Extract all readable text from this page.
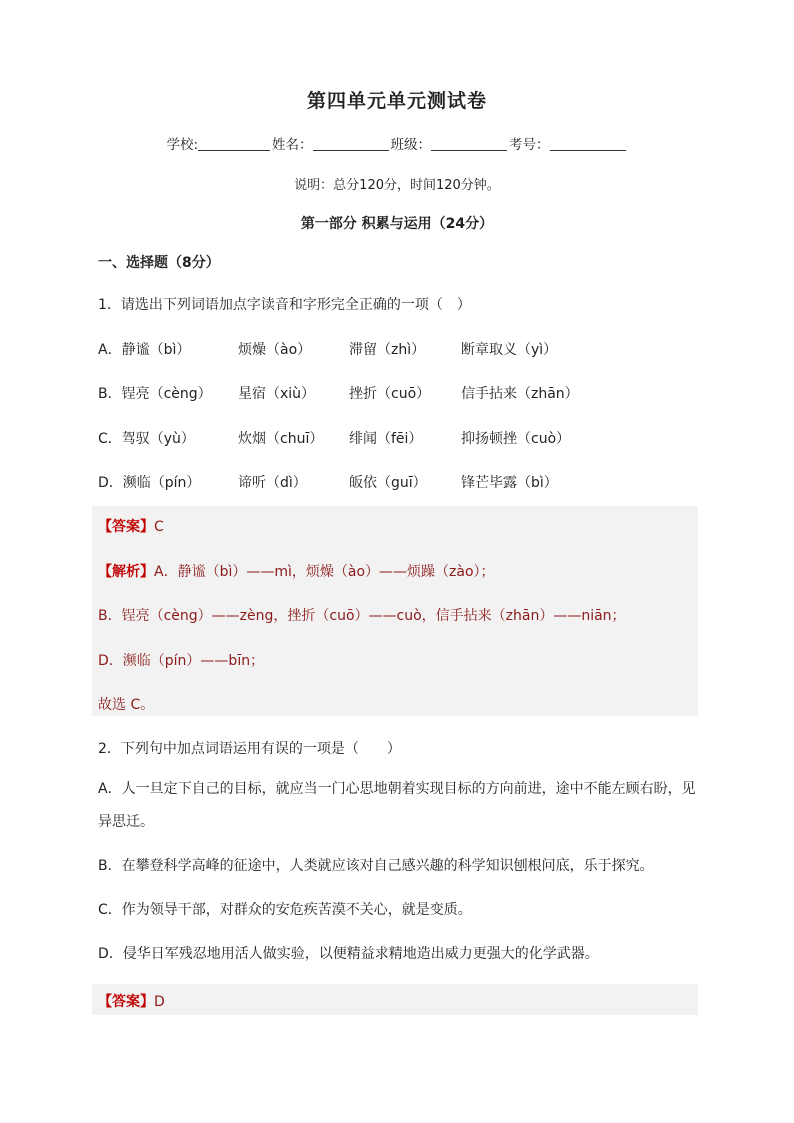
第四单元单元测试卷
学校:	姓名：	班级：	考号：
说明：总分120分，时间120分钟。
第一部分 积累与运用（24分）
一、选择题（8分）
1．请选出下列词语加点字读音和字形完全正确的一项（　）
A．静谧（bì）	烦燥（ào）	滞留（zhì）	断章取义（yì）
B．锃亮（cèng） 星宿（xiù） 挫折（cuō） 信手拈来（zhān）
C．驾驭（yù）	炊烟（chuī） 绯闻（fēi）	抑扬顿挫（cuò）
D．濒临（pín）	谛听（dì）	皈依（guī） 锋芒毕露（bì）
【答案】C
【解析】A．静谧（bì）——mì，烦燥（ào）——烦躁（zào）；
B．锃亮（cèng）——zèng，挫折（cuō）——cuò，信手拈来（zhān）——niān；
D．濒临（pín）——bīn；
故选 C。
2．下列句中加点词语运用有误的一项是（　　）
A．人一旦定下自己的目标，就应当一门心思地朝着实现目标的方向前进，途中不能左顾右盼，见异思迁。
B．在攀登科学高峰的征途中，人类就应该对自己感兴趣的科学知识刨根问底，乐于探究。
C．作为领导干部，对群众的安危疾苦漠不关心，就是变质。
D．侵华日军残忍地用活人做实验，以便精益求精地造出威力更强大的化学武器。
【答案】D
